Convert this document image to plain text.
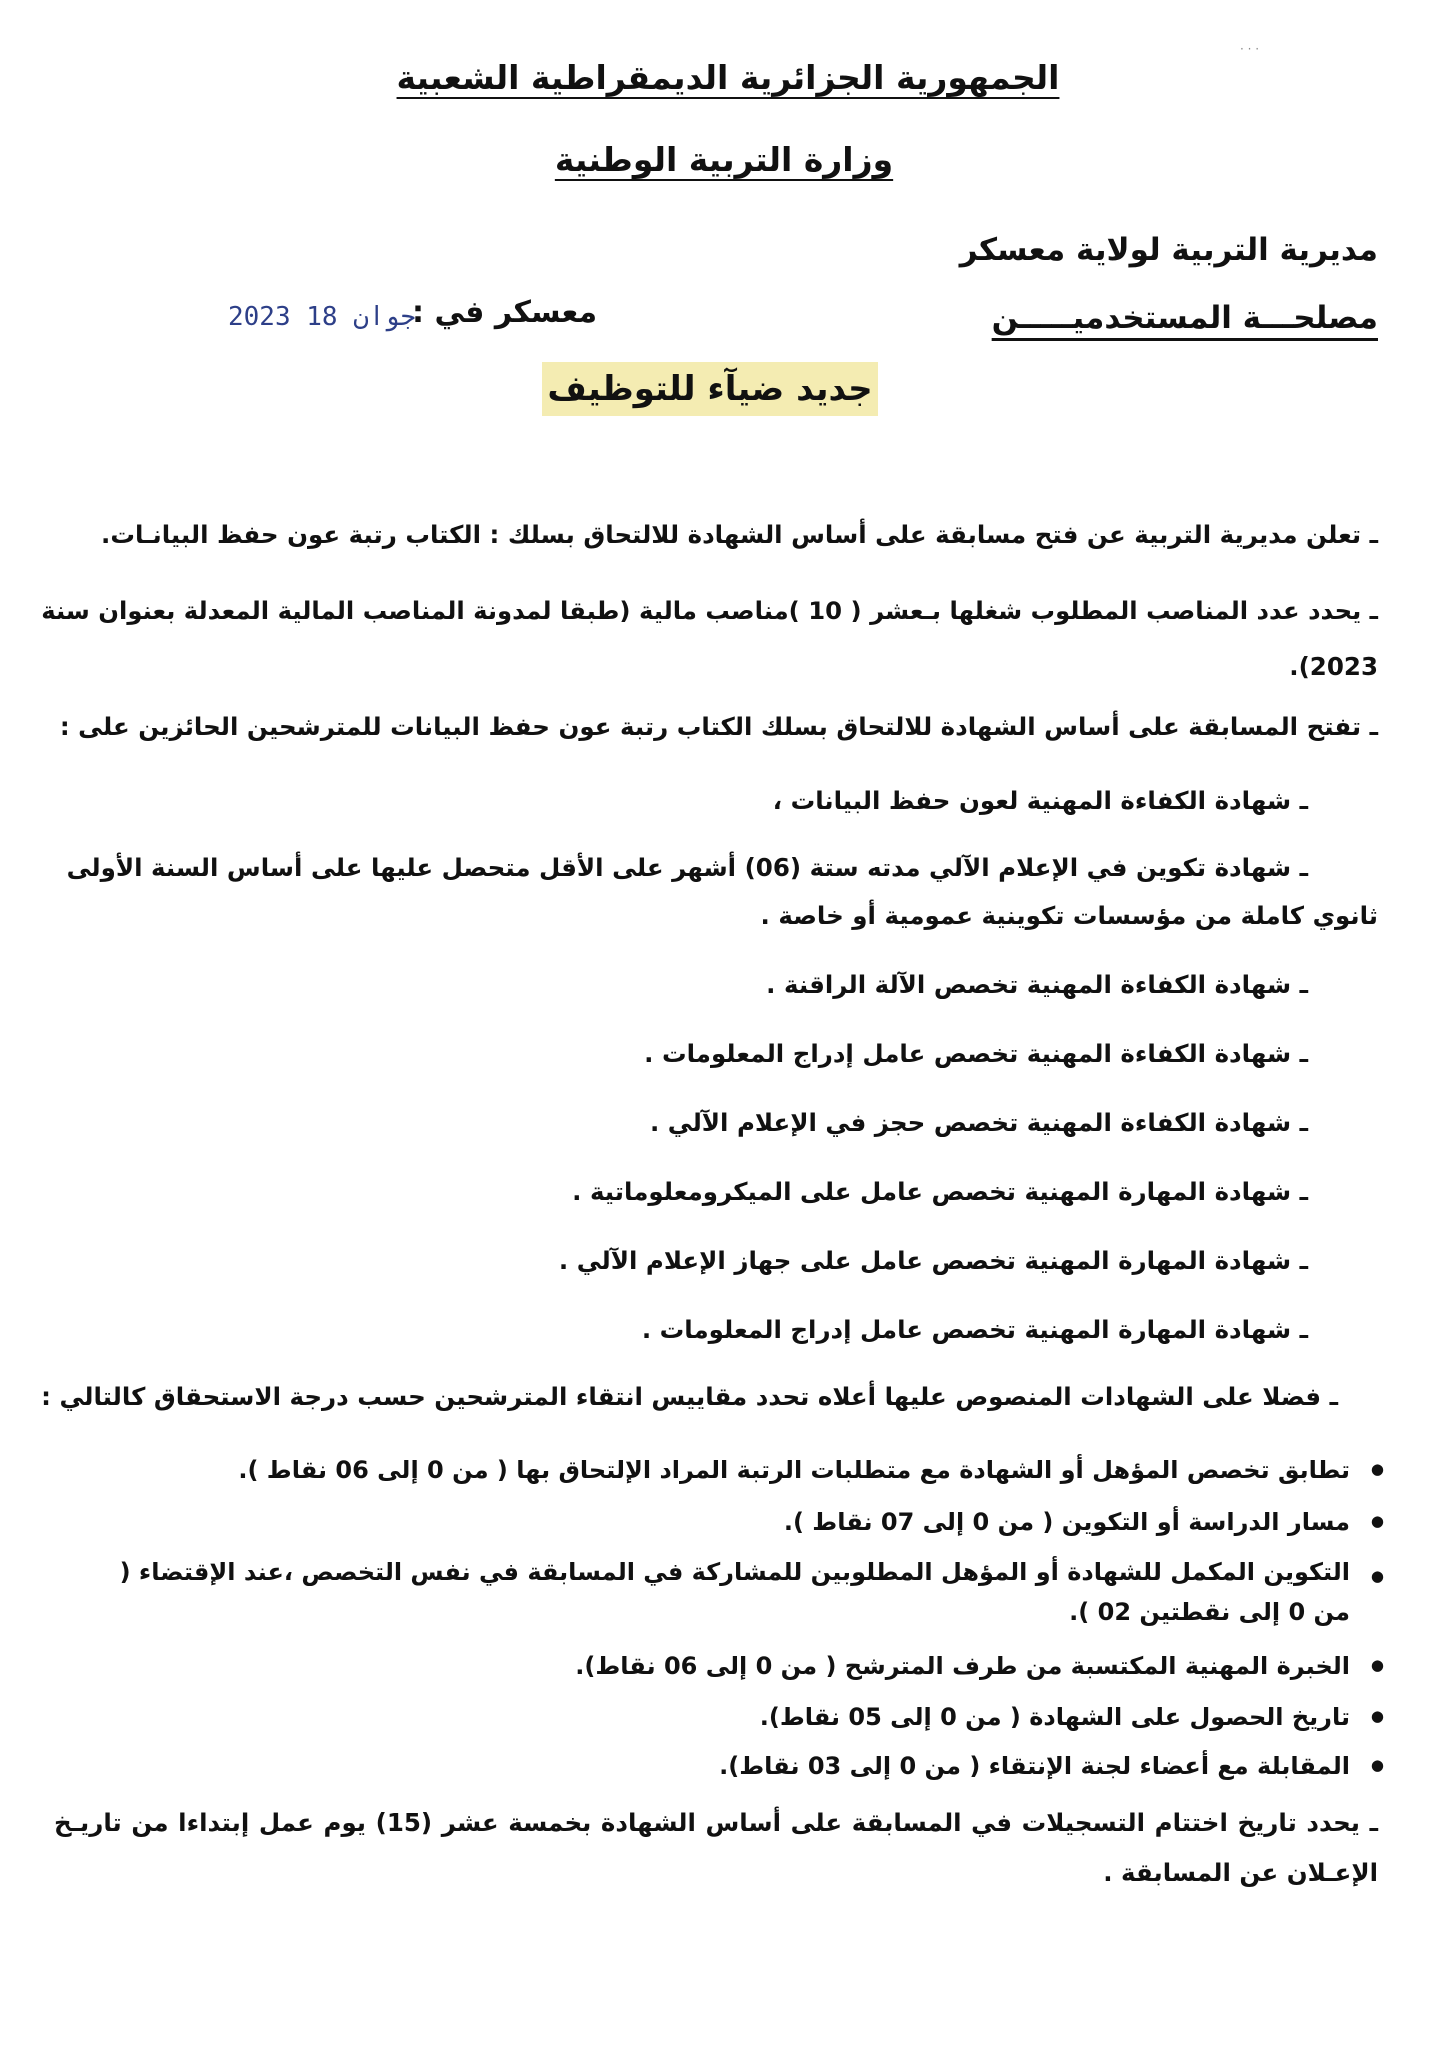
· · ·
الجمهورية الجزائرية الديمقراطية الشعبية
وزارة التربية الوطنية
مديرية التربية لولاية معسكر
مصلحـــة المستخدميـــــن
معسكر في :
2023 جوان 18
جديد ضيآء للتوظيف
ـ تعلن مديرية التربية عن فتح مسابقة على أساس الشهادة للالتحاق بسلك : الكتاب رتبة عون حفظ البيانـات.
ـ يحدد عدد المناصب المطلوب شغلها بـعشر ( 10 )مناصب مالية (طبقا لمدونة المناصب المالية المعدلة بعنوان سنة
2023).
ـ تفتح المسابقة على أساس الشهادة للالتحاق بسلك الكتاب رتبة عون حفظ البيانات للمترشحين الحائزين على :
ـ شهادة الكفاءة المهنية لعون حفظ البيانات ،
ـ شهادة تكوين في الإعلام الآلي مدته ستة (06) أشهر على الأقل متحصل عليها على أساس السنة الأولى
ثانوي كاملة من مؤسسات تكوينية عمومية أو خاصة .
ـ شهادة الكفاءة المهنية تخصص الآلة الراقنة .
ـ شهادة الكفاءة المهنية تخصص عامل إدراج المعلومات .
ـ شهادة الكفاءة المهنية تخصص حجز في الإعلام الآلي .
ـ شهادة المهارة المهنية تخصص عامل على الميكرومعلوماتية .
ـ شهادة المهارة المهنية تخصص عامل على جهاز الإعلام الآلي .
ـ شهادة المهارة المهنية تخصص عامل إدراج المعلومات .
ـ فضلا على الشهادات المنصوص عليها أعلاه تحدد مقاييس انتقاء المترشحين حسب درجة الاستحقاق كالتالي :
● تطابق تخصص المؤهل أو الشهادة مع متطلبات الرتبة المراد الإلتحاق بها ( من 0 إلى 06 نقاط ).
● مسار الدراسة أو التكوين ( من 0 إلى 07 نقاط ).
● التكوين المكمل للشهادة أو المؤهل المطلوبين للمشاركة في المسابقة في نفس التخصص ،عند الإقتضاء ( من 0 إلى نقطتين 02 ).
● الخبرة المهنية المكتسبة من طرف المترشح ( من 0 إلى 06 نقاط).
● تاريخ الحصول على الشهادة ( من 0 إلى 05 نقاط).
● المقابلة مع أعضاء لجنة الإنتقاء ( من 0 إلى 03 نقاط).
ـ يحدد تاريخ اختتام التسجيلات في المسابقة على أساس الشهادة بخمسة عشر (15) يوم عمل إبتداءا من تاريـخ الإعـلان عن المسابقة .
